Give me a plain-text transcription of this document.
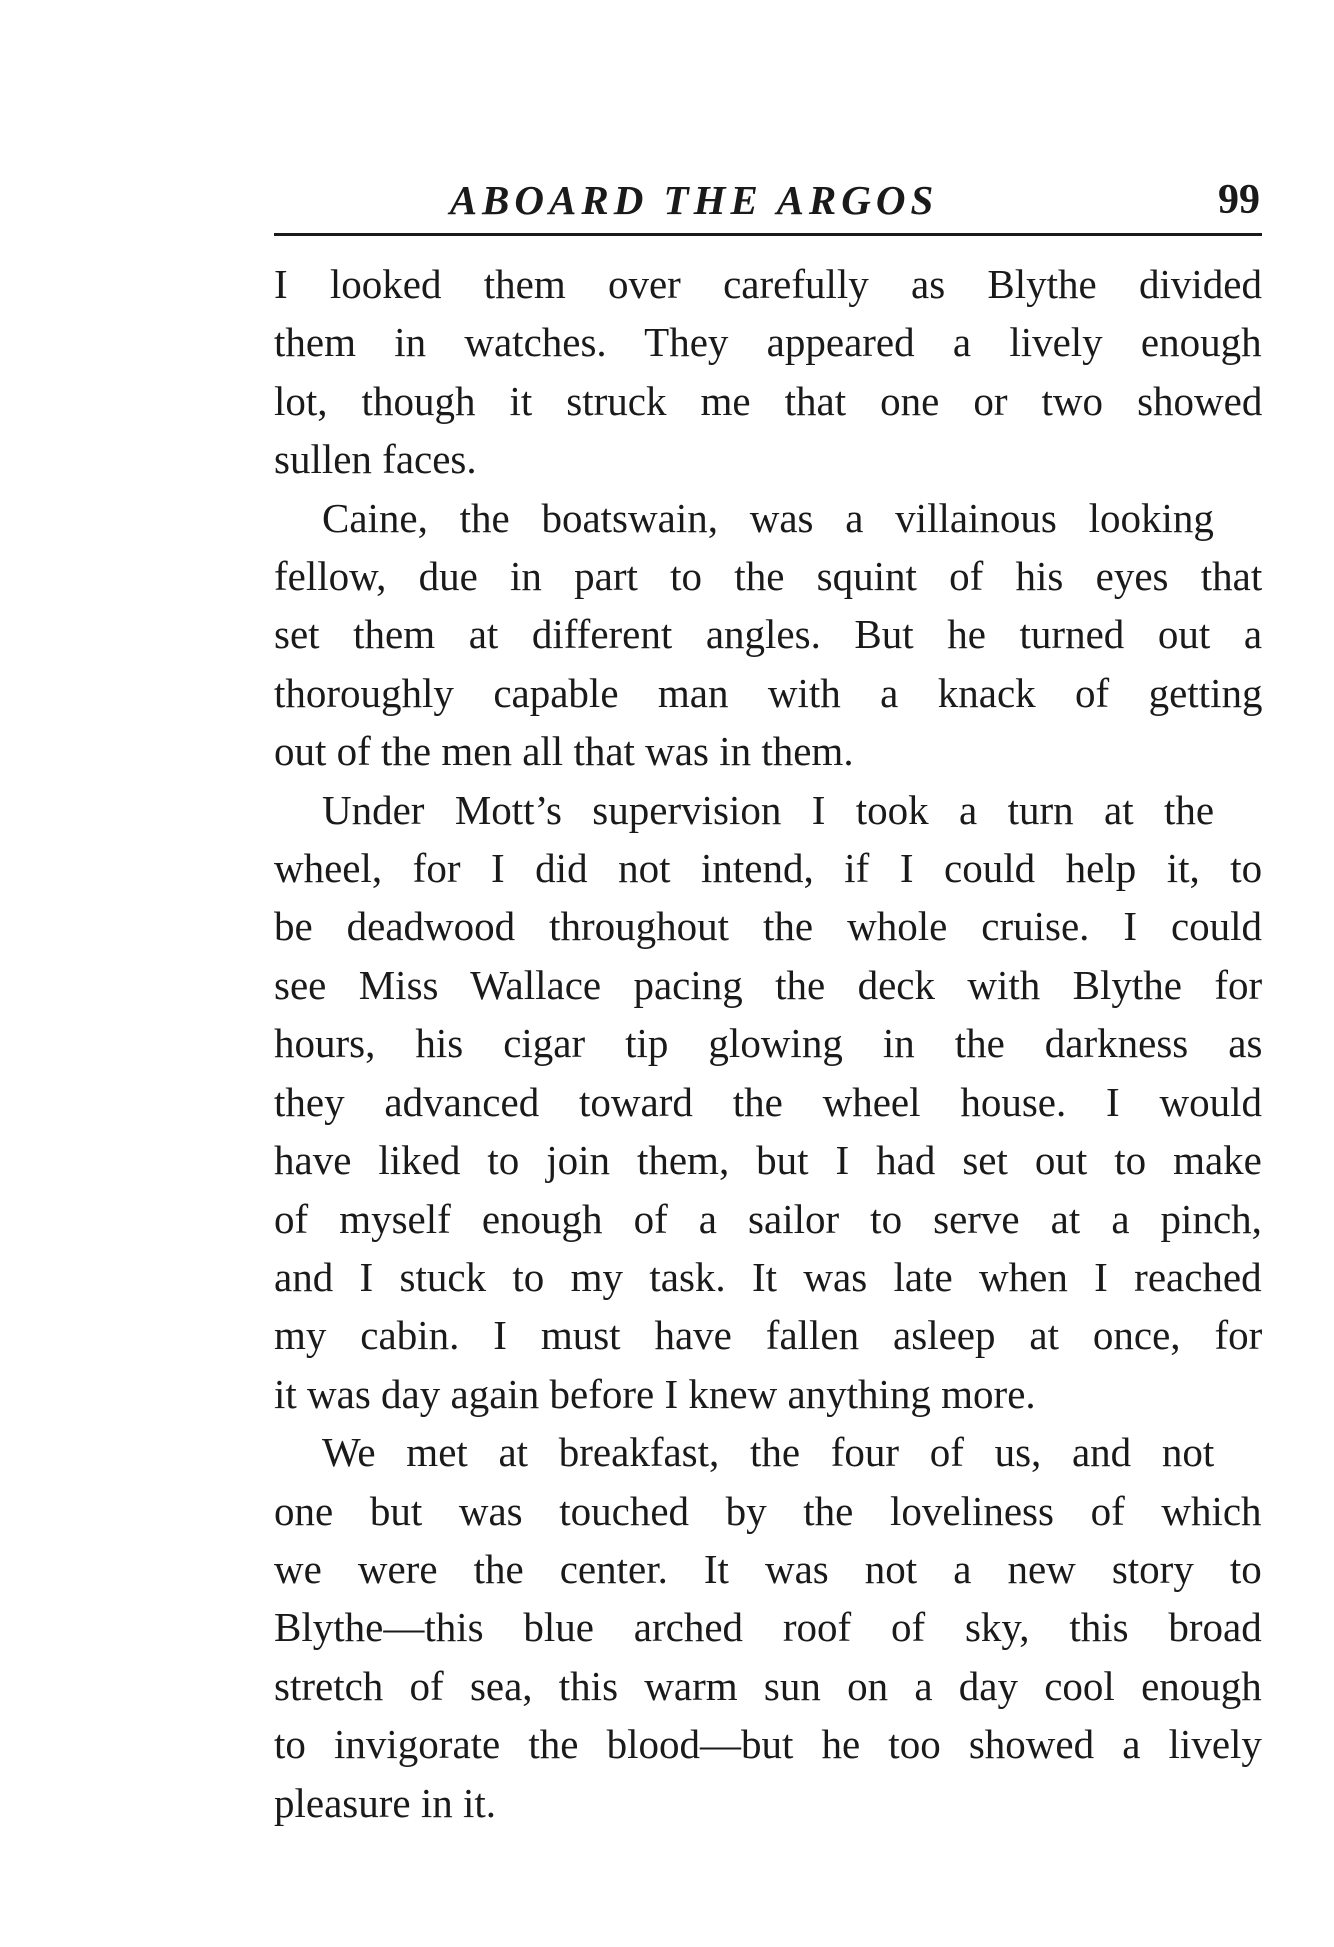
ABOARD THE ARGOS	99
I looked them over carefully as Blythe divided
them in watches. They appeared a lively enough
lot, though it struck me that one or two showed
sullen faces.
Caine, the boatswain, was a villainous looking
fellow, due in part to the squint of his eyes that
set them at different angles. But he turned out a
thoroughly capable man with a knack of getting
out of the men all that was in them.
Under Mott’s supervision I took a turn at the
wheel, for I did not intend, if I could help it, to
be deadwood throughout the whole cruise. I could
see Miss Wallace pacing the deck with Blythe for
hours, his cigar tip glowing in the darkness as
they advanced toward the wheel house. I would
have liked to join them, but I had set out to make
of myself enough of a sailor to serve at a pinch,
and I stuck to my task. It was late when I reached
my cabin. I must have fallen asleep at once, for
it was day again before I knew anything more.
We met at breakfast, the four of us, and not
one but was touched by the loveliness of which
we were the center. It was not a new story to
Blythe—this blue arched roof of sky, this broad
stretch of sea, this warm sun on a day cool enough
to invigorate the blood—but he too showed a lively
pleasure in it.
